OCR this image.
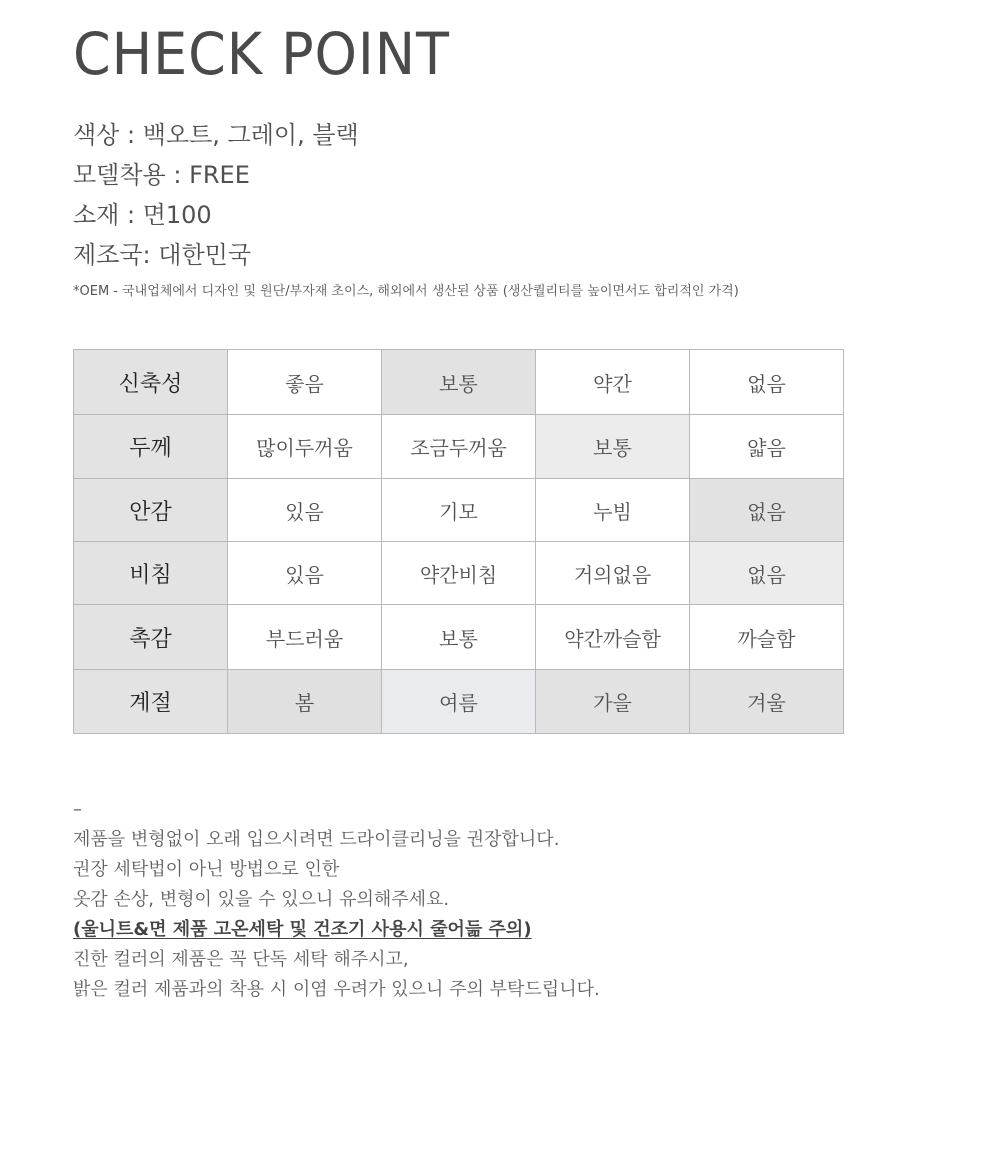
CHECK POINT

색상 : 백오트, 그레이, 블랙

모델착용 : FREE

소재 : 면100

제조국: 대한민국

*OEM - 국내업체에서 디자인 및 원단/부자재 초이스, 해외에서 생산된 상품 (생산퀄리티를 높이면서도 합리적인 가격)

신축성	좋음	보통	약간	없음
두께	많이두꺼움	조금두꺼움	보통	얇음
안감	있음	기모	누빔	없음
비침	있음	약간비침	거의없음	없음
촉감	부드러움	보통	약간까슬함	까슬함
계절	봄	여름	가을	겨울

–

제품을 변형없이 오래 입으시려면 드라이클리닝을 권장합니다.

권장 세탁법이 아닌 방법으로 인한

옷감 손상, 변형이 있을 수 있으니 유의해주세요.

(울니트&면 제품 고온세탁 및 건조기 사용시 줄어듦 주의)

진한 컬러의 제품은 꼭 단독 세탁 해주시고,

밝은 컬러 제품과의 착용 시 이염 우려가 있으니 주의 부탁드립니다.
